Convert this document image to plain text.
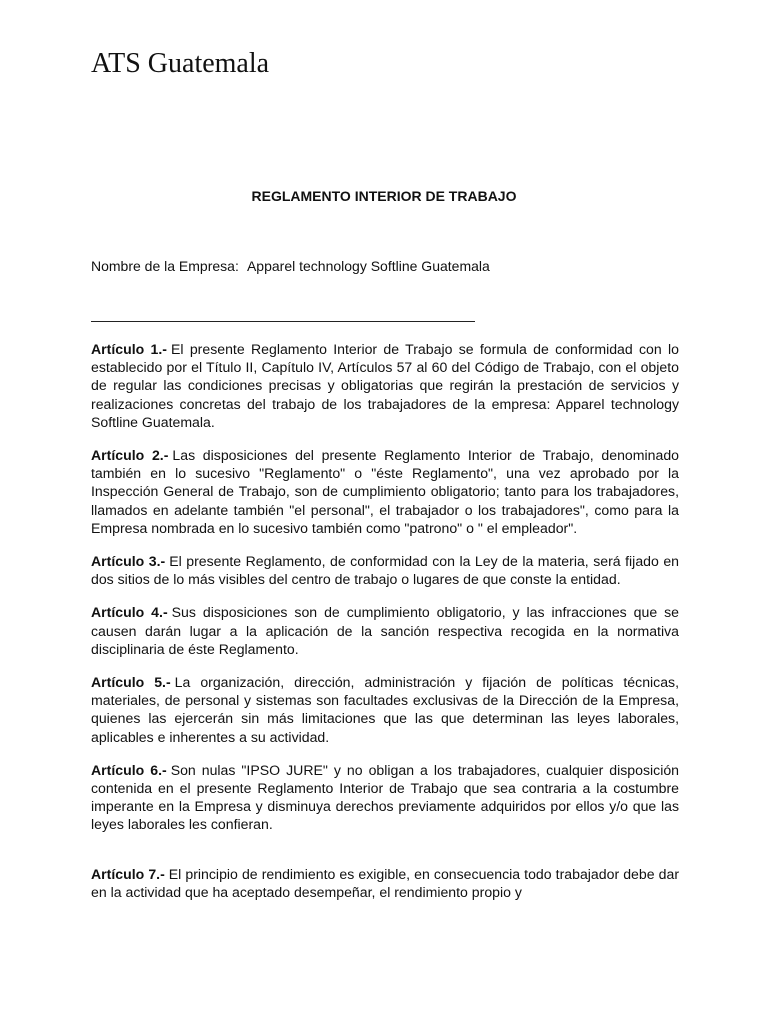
ATS Guatemala
REGLAMENTO INTERIOR DE TRABAJO
Nombre de la Empresa: Apparel technology Softline Guatemala

Artículo 1.- El presente Reglamento Interior de Trabajo se formula de conformidad con lo establecido por el Título II, Capítulo IV, Artículos 57 al 60 del Código de Trabajo, con el objeto de regular las condiciones precisas y obligatorias que regirán la prestación de servicios y realizaciones concretas del trabajo de los trabajadores de la empresa: Apparel technology Softline Guatemala.

Artículo 2.- Las disposiciones del presente Reglamento Interior de Trabajo, denominado también en lo sucesivo "Reglamento" o "éste Reglamento", una vez aprobado por la Inspección General de Trabajo, son de cumplimiento obligatorio; tanto para los trabajadores, llamados en adelante también "el personal", el trabajador o los trabajadores", como para la Empresa nombrada en lo sucesivo también como "patrono" o " el empleador".

Artículo 3.- El presente Reglamento, de conformidad con la Ley de la materia, será fijado en dos sitios de lo más visibles del centro de trabajo o lugares de que conste la entidad.

Artículo 4.- Sus disposiciones son de cumplimiento obligatorio, y las infracciones que se causen darán lugar a la aplicación de la sanción respectiva recogida en la normativa disciplinaria de éste Reglamento.

Artículo 5.- La organización, dirección, administración y fijación de políticas técnicas, materiales, de personal y sistemas son facultades exclusivas de la Dirección de la Empresa, quienes las ejercerán sin más limitaciones que las que determinan las leyes laborales, aplicables e inherentes a su actividad.

Artículo 6.- Son nulas "IPSO JURE" y no obligan a los trabajadores, cualquier disposición contenida en el presente Reglamento Interior de Trabajo que sea contraria a la costumbre imperante en la Empresa y disminuya derechos previamente adquiridos por ellos y/o que las leyes laborales les confieran.

Artículo 7.- El principio de rendimiento es exigible, en consecuencia todo trabajador debe dar en la actividad que ha aceptado desempeñar, el rendimiento propio y
